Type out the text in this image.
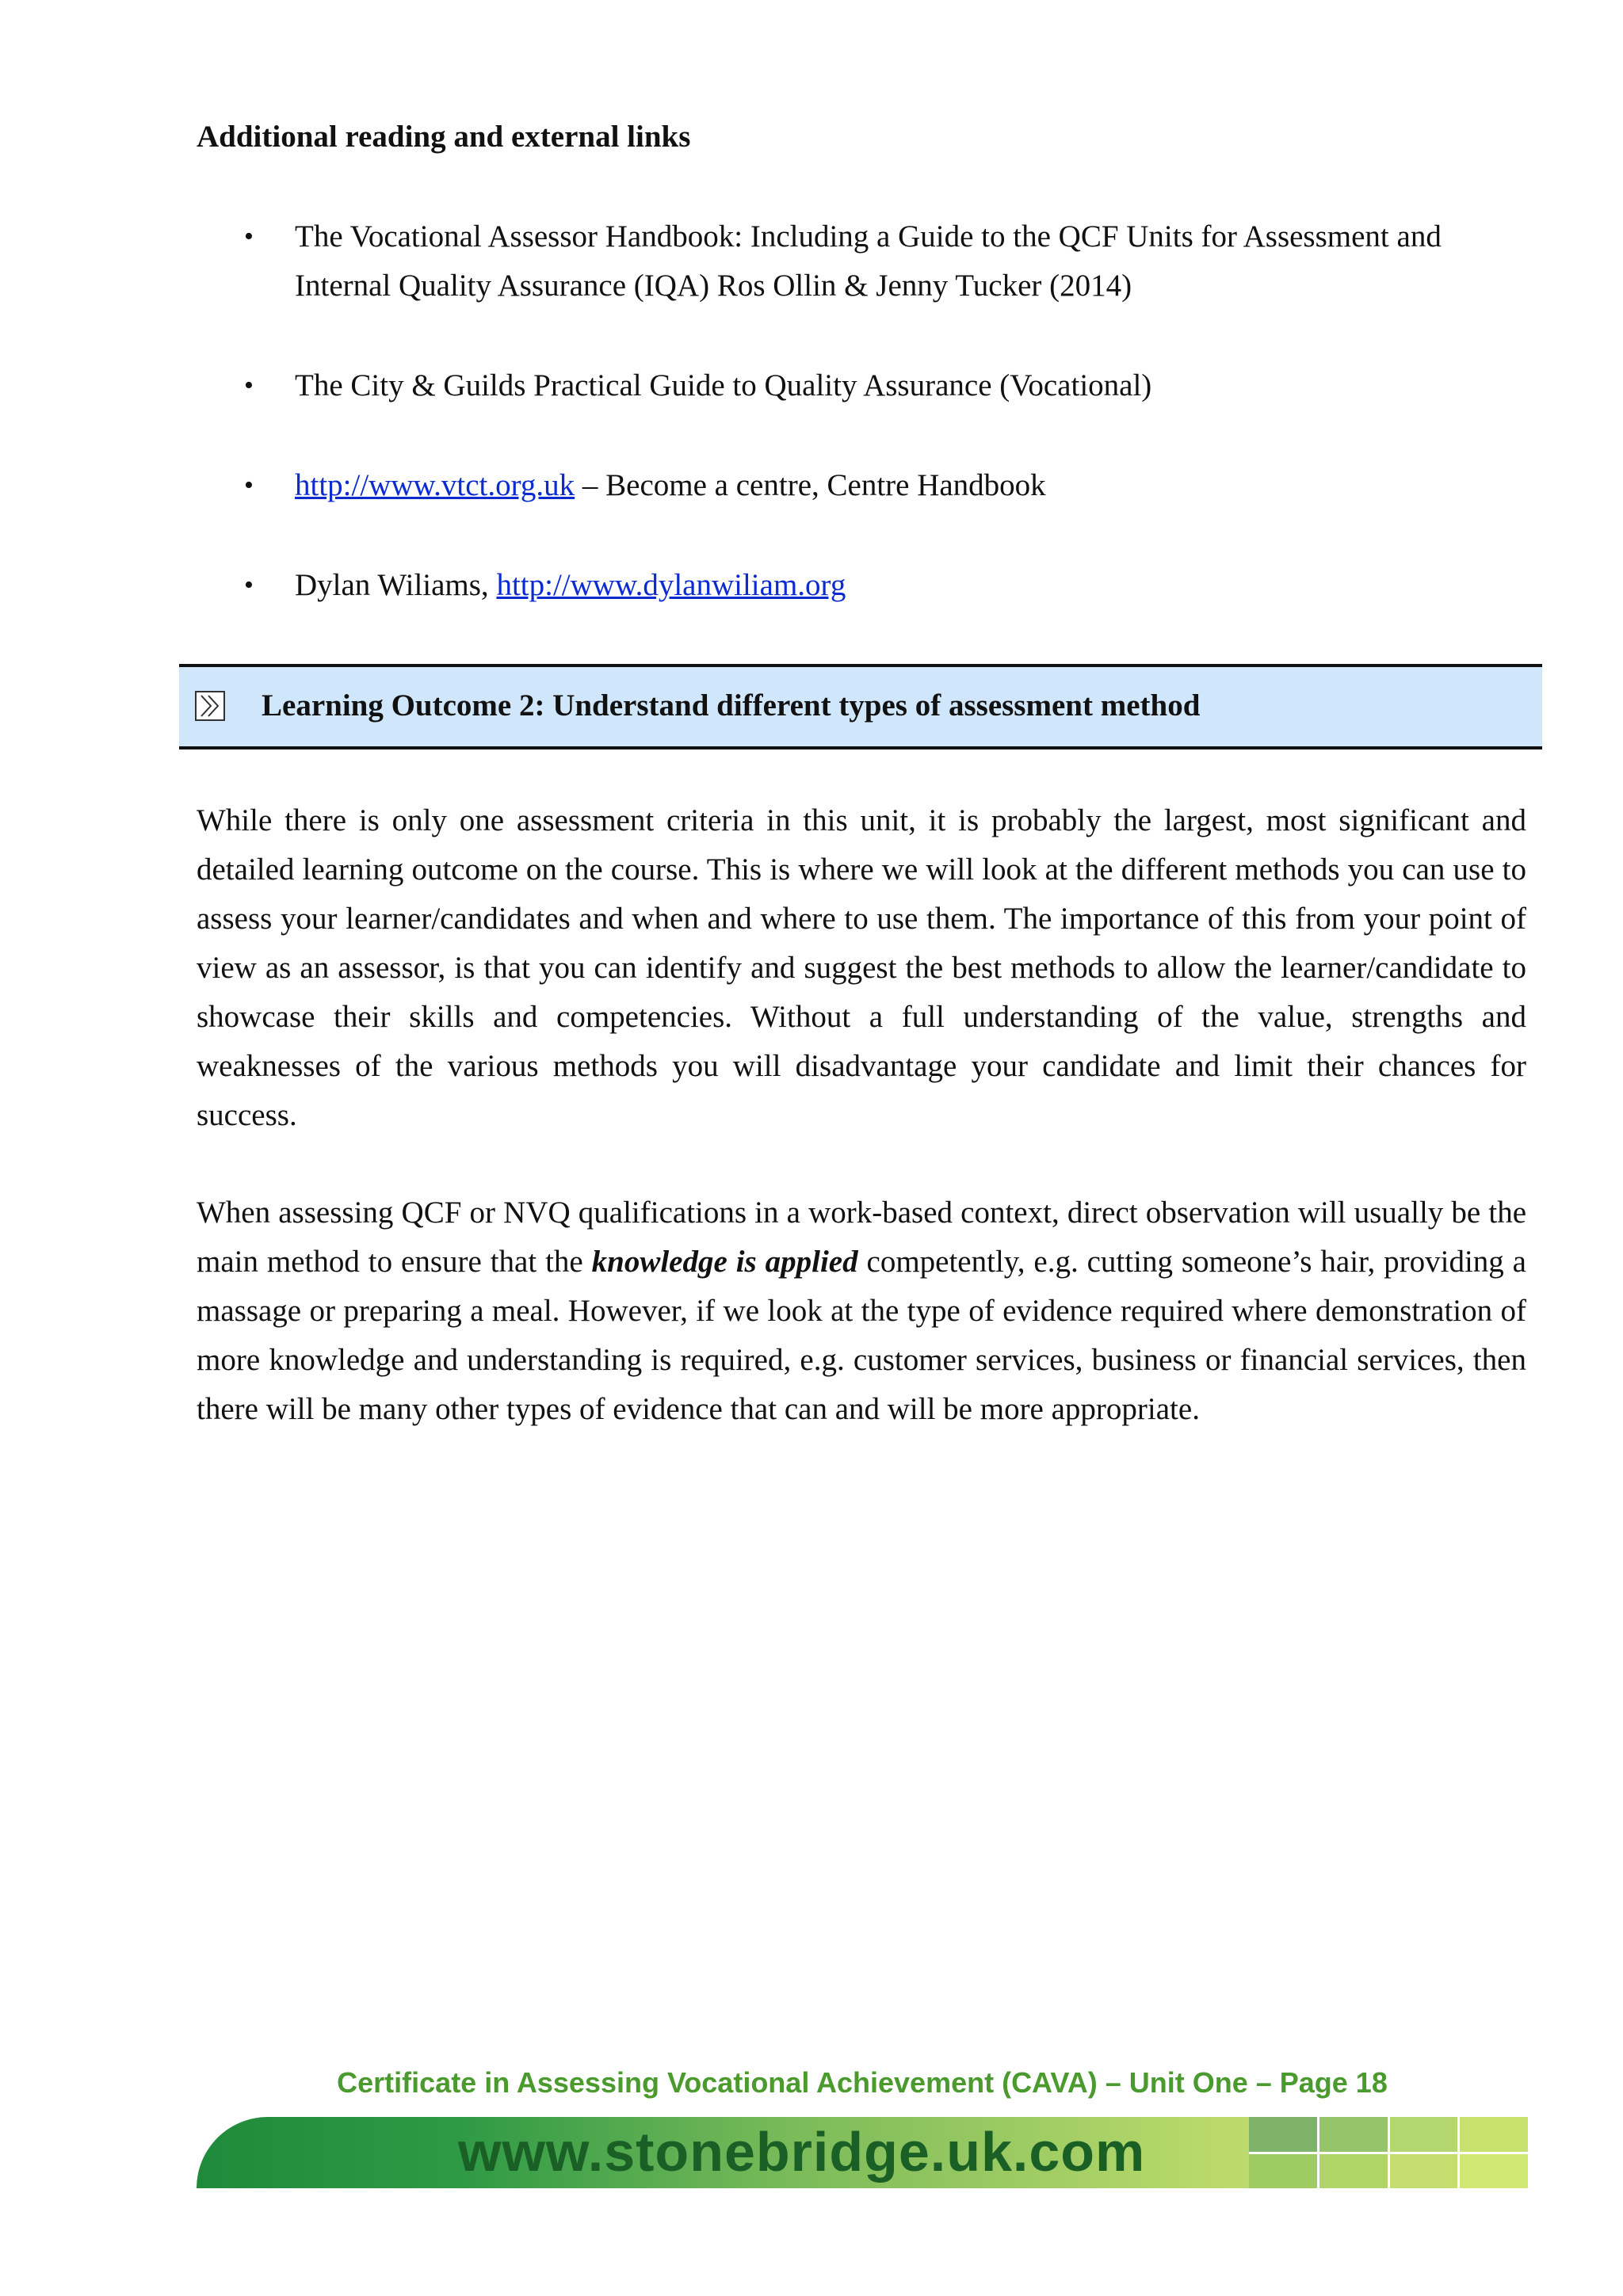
Additional reading and external links
• The Vocational Assessor Handbook: Including a Guide to the QCF Units for Assessment and Internal Quality Assurance (IQA) Ros Ollin & Jenny Tucker (2014)
• The City & Guilds Practical Guide to Quality Assurance (Vocational)
• http://www.vtct.org.uk – Become a centre, Centre Handbook
• Dylan Wiliams, http://www.dylanwiliam.org
Learning Outcome 2: Understand different types of assessment method

While there is only one assessment criteria in this unit, it is probably the largest, most significant and detailed learning outcome on the course. This is where we will look at the different methods you can use to assess your learner/candidates and when and where to use them. The importance of this from your point of view as an assessor, is that you can identify and suggest the best methods to allow the learner/candidate to showcase their skills and competencies. Without a full understanding of the value, strengths and weaknesses of the various methods you will disadvantage your candidate and limit their chances for success.

When assessing QCF or NVQ qualifications in a work-based context, direct observation will usually be the main method to ensure that the knowledge is applied competently, e.g. cutting someone’s hair, providing a massage or preparing a meal. However, if we look at the type of evidence required where demonstration of more knowledge and understanding is required, e.g. customer services, business or financial services, then there will be many other types of evidence that can and will be more appropriate.

Certificate in Assessing Vocational Achievement (CAVA) – Unit One – Page 18
www.stonebridge.uk.com
